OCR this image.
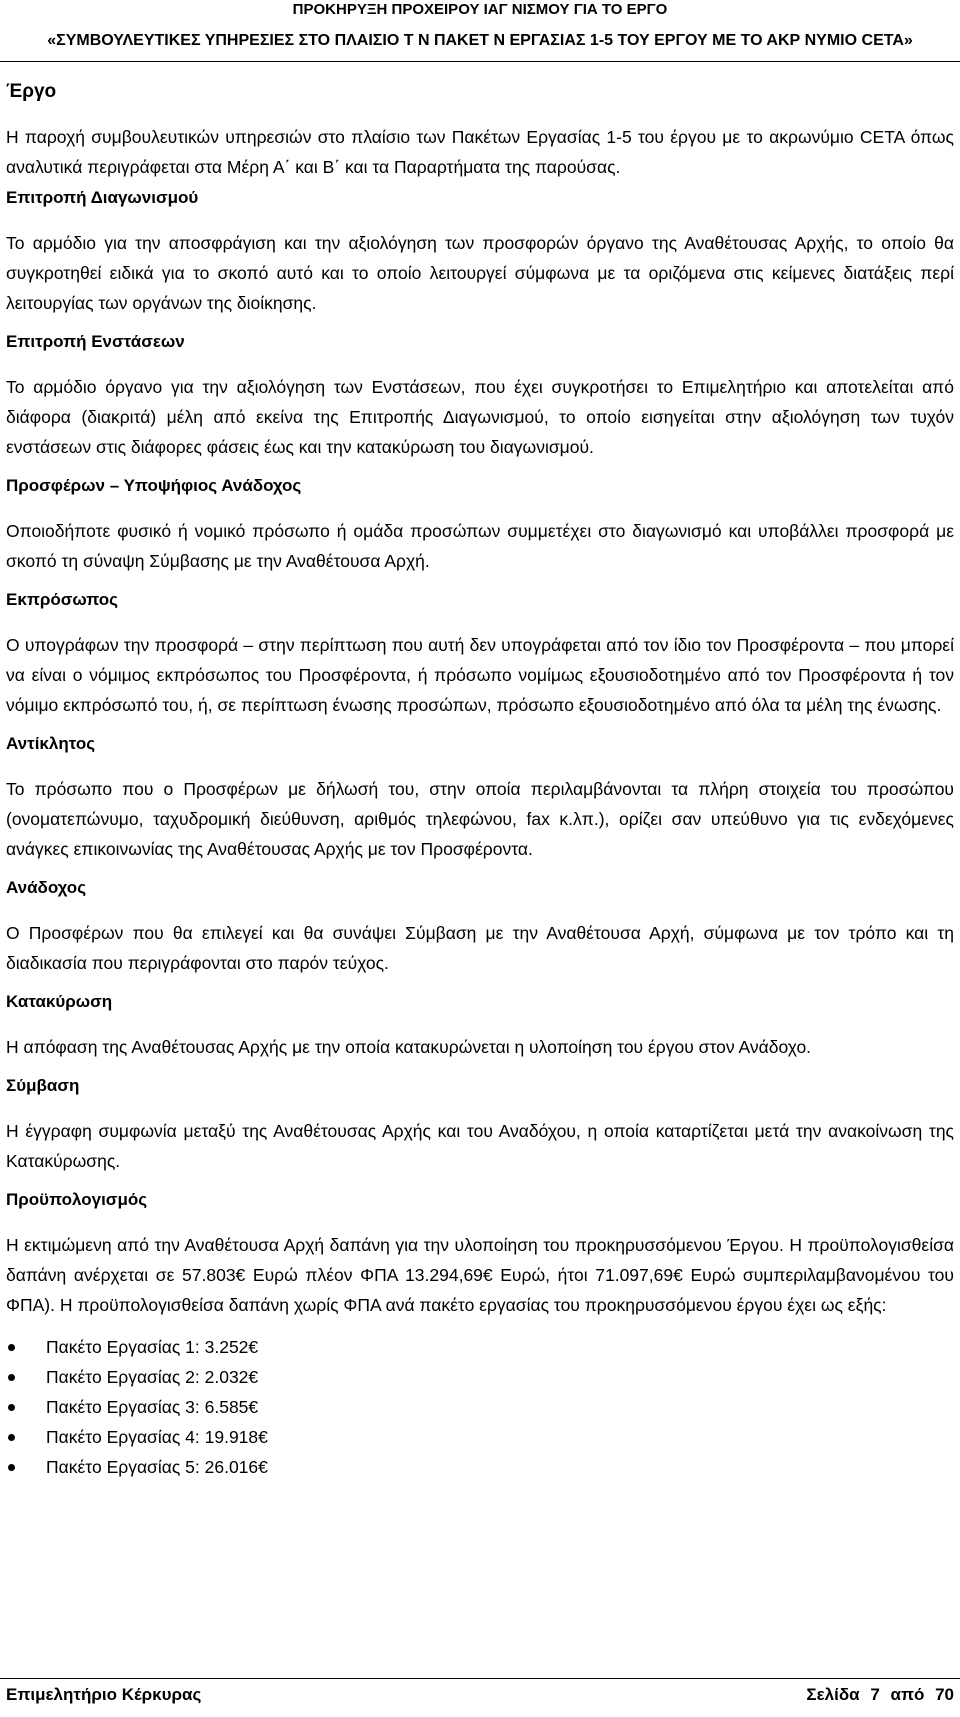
ΠΡΟΚΗΡΥΞΗ ΠΡΟΧΕΙΡΟΥ ΙΑΓ ΝΙΣΜΟΥ ΓΙΑ ΤΟ ΕΡΓΟ
«ΣΥΜΒΟΥΛΕΥΤΙΚΕΣ ΥΠΗΡΕΣΙΕΣ ΣΤΟ ΠΛΑΙΣΙΟ Τ Ν ΠΑΚΕΤ Ν ΕΡΓΑΣΙΑΣ 1-5 ΤΟΥ ΕΡΓΟΥ ΜΕ ΤΟ ΑΚΡ ΝΥΜΙΟ CETA»
Έργο
Η παροχή συμβουλευτικών υπηρεσιών στο πλαίσιο των Πακέτων Εργασίας 1-5 του έργου με το ακρωνύμιο CETA όπως αναλυτικά περιγράφεται στα Μέρη Α΄ και Β΄ και τα Παραρτήματα της παρούσας.
Επιτροπή Διαγωνισμού
Το αρμόδιο για την αποσφράγιση και την αξιολόγηση των προσφορών όργανο της Αναθέτουσας Αρχής, το οποίο θα συγκροτηθεί ειδικά για το σκοπό αυτό και το οποίο λειτουργεί σύμφωνα με τα οριζόμενα στις κείμενες διατάξεις περί λειτουργίας των οργάνων της διοίκησης.
Επιτροπή Ενστάσεων
Το αρμόδιο όργανο για την αξιολόγηση των Ενστάσεων, που έχει συγκροτήσει το Επιμελητήριο και αποτελείται από διάφορα (διακριτά) μέλη από εκείνα της Επιτροπής Διαγωνισμού, το οποίο εισηγείται στην αξιολόγηση των τυχόν ενστάσεων στις διάφορες φάσεις έως και την κατακύρωση του διαγωνισμού.
Προσφέρων – Υποψήφιος Ανάδοχος
Οποιοδήποτε φυσικό ή νομικό πρόσωπο ή ομάδα προσώπων συμμετέχει στο διαγωνισμό και υποβάλλει προσφορά με σκοπό τη σύναψη Σύμβασης με την Αναθέτουσα Αρχή.
Εκπρόσωπος
Ο υπογράφων την προσφορά – στην περίπτωση που αυτή δεν υπογράφεται από τον ίδιο τον Προσφέροντα – που μπορεί να είναι ο νόμιμος εκπρόσωπος του Προσφέροντα, ή πρόσωπο νομίμως εξουσιοδοτημένο από τον Προσφέροντα ή τον νόμιμο εκπρόσωπό του, ή, σε περίπτωση ένωσης προσώπων, πρόσωπο εξουσιοδοτημένο από όλα τα μέλη της ένωσης.
Αντίκλητος
Το πρόσωπο που ο Προσφέρων με δήλωσή του, στην οποία περιλαμβάνονται τα πλήρη στοιχεία του προσώπου (ονοματεπώνυμο, ταχυδρομική διεύθυνση, αριθμός τηλεφώνου, fax κ.λπ.), ορίζει σαν υπεύθυνο για τις ενδεχόμενες ανάγκες επικοινωνίας της Αναθέτουσας Αρχής με τον Προσφέροντα.
Ανάδοχος
Ο Προσφέρων που θα επιλεγεί και θα συνάψει Σύμβαση με την Αναθέτουσα Αρχή, σύμφωνα με τον τρόπο και τη διαδικασία που περιγράφονται στο παρόν τεύχος.
Κατακύρωση
Η απόφαση της Αναθέτουσας Αρχής με την οποία κατακυρώνεται η υλοποίηση του έργου στον Ανάδοχο.
Σύμβαση
Η έγγραφη συμφωνία μεταξύ της Αναθέτουσας Αρχής και του Αναδόχου, η οποία καταρτίζεται μετά την ανακοίνωση της Κατακύρωσης.
Προϋπολογισμός
Η εκτιμώμενη από την Αναθέτουσα Αρχή δαπάνη για την υλοποίηση του προκηρυσσόμενου Έργου. Η προϋπολογισθείσα δαπάνη ανέρχεται σε 57.803€ Ευρώ πλέον ΦΠΑ 13.294,69€ Ευρώ, ήτοι 71.097,69€ Ευρώ συμπεριλαμβανομένου του ΦΠΑ). Η προϋπολογισθείσα δαπάνη χωρίς ΦΠΑ ανά πακέτο εργασίας του προκηρυσσόμενου έργου έχει ως εξής:
Πακέτο Εργασίας 1: 3.252€
Πακέτο Εργασίας 2: 2.032€
Πακέτο Εργασίας 3: 6.585€
Πακέτο Εργασίας 4: 19.918€
Πακέτο Εργασίας 5: 26.016€
Επιμελητήριο Κέρκυρας	Σελίδα 7 από 70
